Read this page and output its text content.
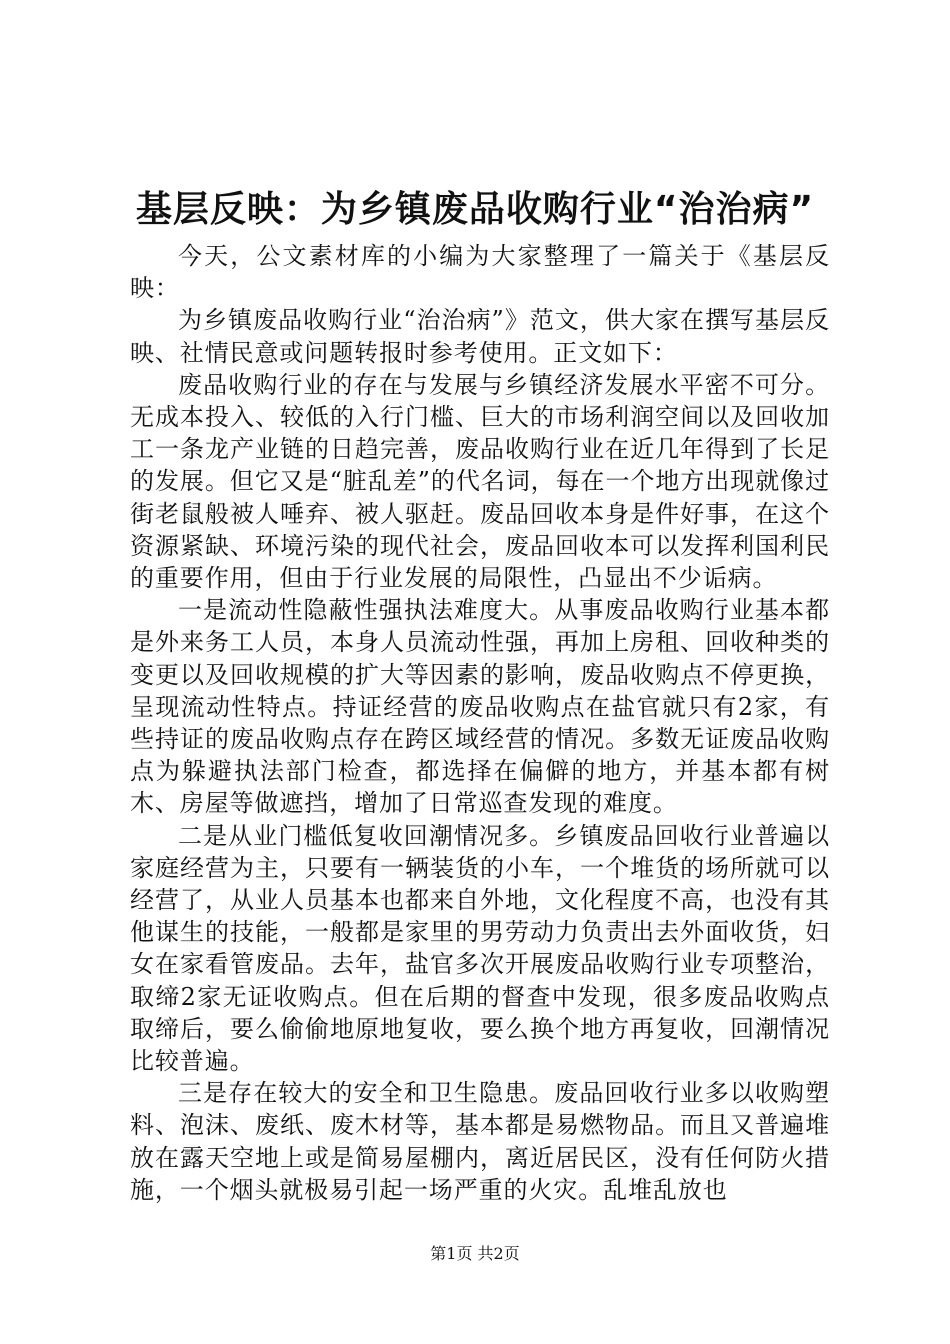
基层反映：为乡镇废品收购行业“治治病”

今天，公文素材库的小编为大家整理了一篇关于《基层反映：

为乡镇废品收购行业“治治病”》范文，供大家在撰写基层反映、社情民意或问题转报时参考使用。正文如下：

废品收购行业的存在与发展与乡镇经济发展水平密不可分。无成本投入、较低的入行门槛、巨大的市场利润空间以及回收加工一条龙产业链的日趋完善，废品收购行业在近几年得到了长足的发展。但它又是“脏乱差”的代名词，每在一个地方出现就像过街老鼠般被人唾弃、被人驱赶。废品回收本身是件好事，在这个资源紧缺、环境污染的现代社会，废品回收本可以发挥利国利民的重要作用，但由于行业发展的局限性，凸显出不少诟病。

一是流动性隐蔽性强执法难度大。从事废品收购行业基本都是外来务工人员，本身人员流动性强，再加上房租、回收种类的变更以及回收规模的扩大等因素的影响，废品收购点不停更换，呈现流动性特点。持证经营的废品收购点在盐官就只有2家，有些持证的废品收购点存在跨区域经营的情况。多数无证废品收购点为躲避执法部门检查，都选择在偏僻的地方，并基本都有树木、房屋等做遮挡，增加了日常巡查发现的难度。

二是从业门槛低复收回潮情况多。乡镇废品回收行业普遍以家庭经营为主，只要有一辆装货的小车，一个堆货的场所就可以经营了，从业人员基本也都来自外地，文化程度不高，也没有其他谋生的技能，一般都是家里的男劳动力负责出去外面收货，妇女在家看管废品。去年，盐官多次开展废品收购行业专项整治，取缔2家无证收购点。但在后期的督查中发现，很多废品收购点取缔后，要么偷偷地原地复收，要么换个地方再复收，回潮情况比较普遍。

三是存在较大的安全和卫生隐患。废品回收行业多以收购塑料、泡沫、废纸、废木材等，基本都是易燃物品。而且又普遍堆放在露天空地上或是简易屋棚内，离近居民区，没有任何防火措施，一个烟头就极易引起一场严重的火灾。乱堆乱放也

第1页 共2页
